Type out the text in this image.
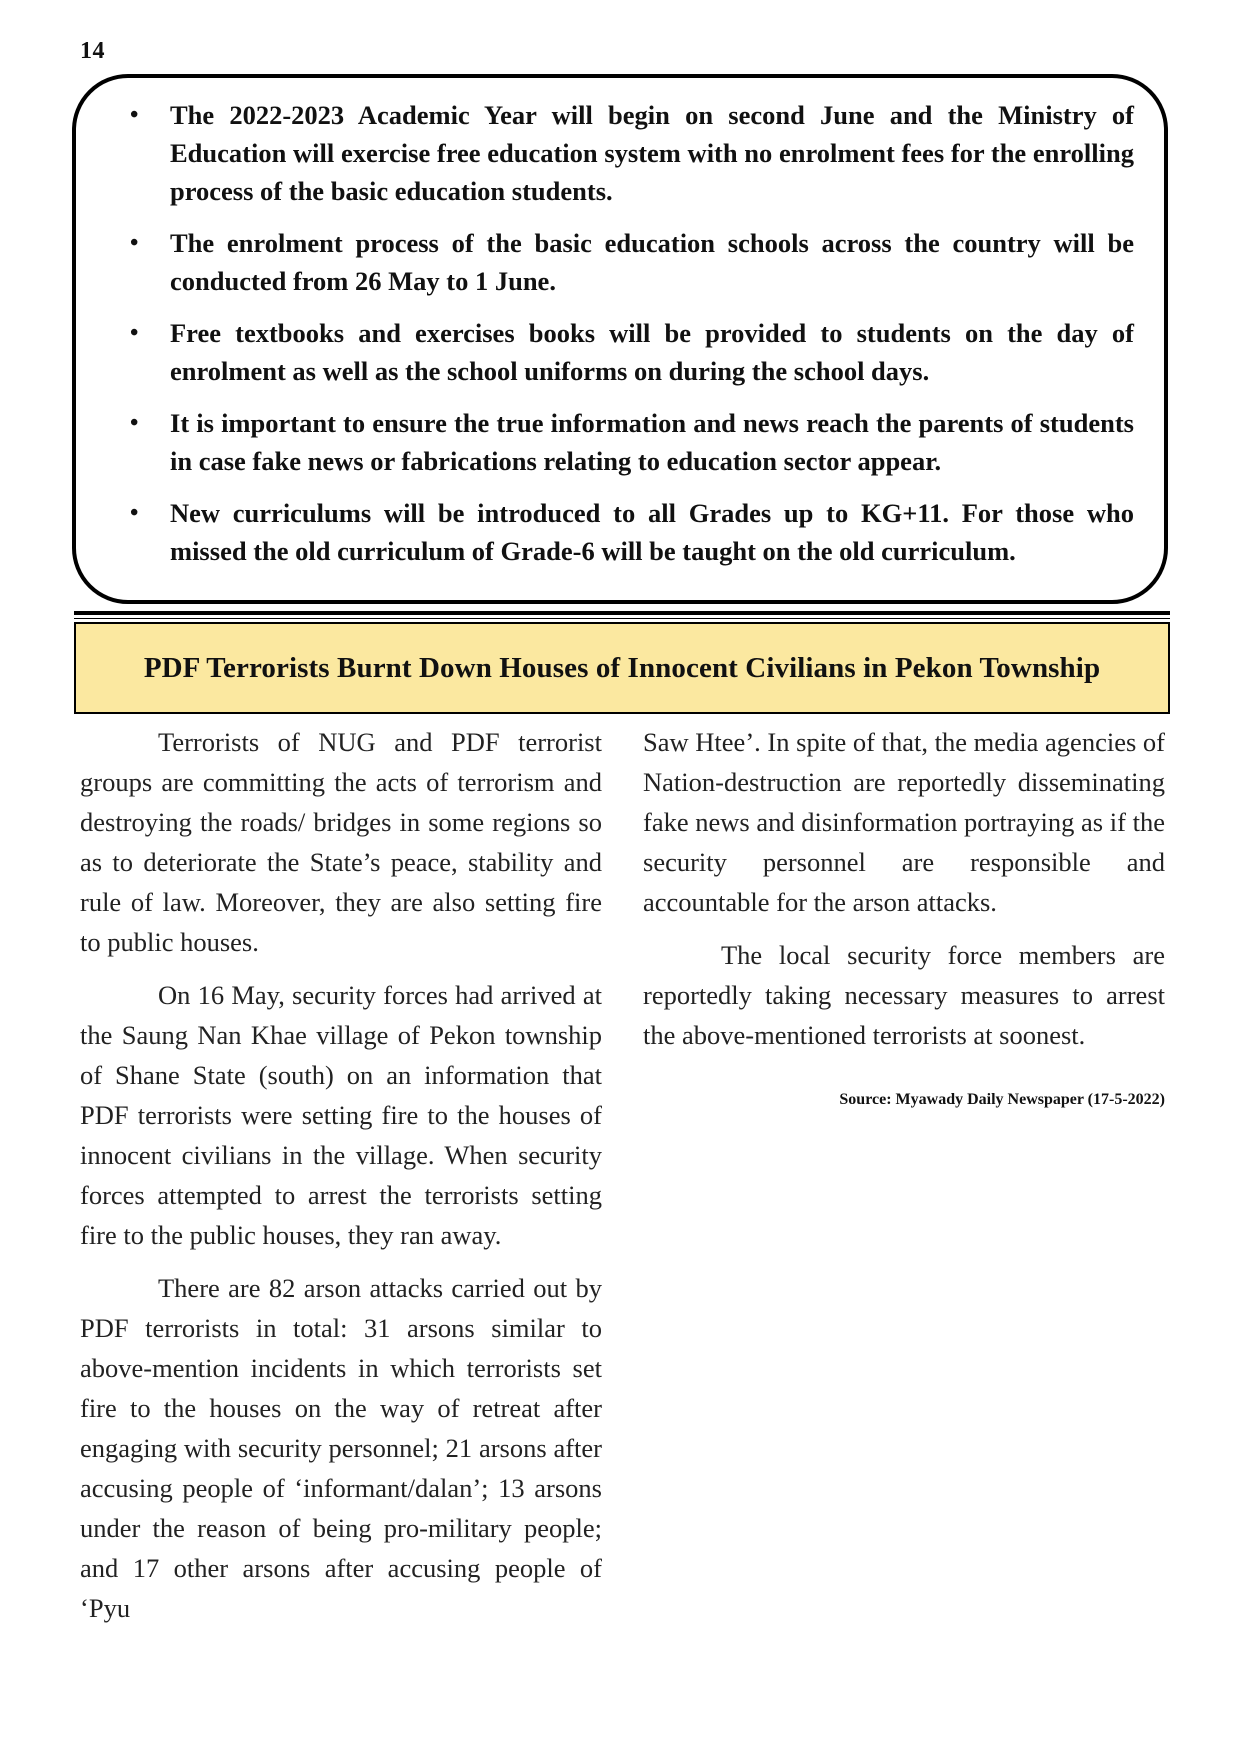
14
• The 2022-2023 Academic Year will begin on second June and the Ministry of Education will exercise free education system with no enrolment fees for the enrolling process of the basic education students.
• The enrolment process of the basic education schools across the country will be conducted from 26 May to 1 June.
• Free textbooks and exercises books will be provided to students on the day of enrolment as well as the school uniforms on during the school days.
• It is important to ensure the true information and news reach the parents of students in case fake news or fabrications relating to education sector appear.
• New curriculums will be introduced to all Grades up to KG+11. For those who missed the old curriculum of Grade-6 will be taught on the old curriculum.
PDF Terrorists Burnt Down Houses of Innocent Civilians in Pekon Township

Terrorists of NUG and PDF terrorist groups are committing the acts of terrorism and destroying the roads/ bridges in some regions so as to deteriorate the State’s peace, stability and rule of law. Moreover, they are also setting fire to public houses.

On 16 May, security forces had arrived at the Saung Nan Khae village of Pekon township of Shane State (south) on an information that PDF terrorists were setting fire to the houses of innocent civilians in the village. When security forces attempted to arrest the terrorists setting fire to the public houses, they ran away.

There are 82 arson attacks carried out by PDF terrorists in total: 31 arsons similar to above-mention incidents in which terrorists set fire to the houses on the way of retreat after engaging with security personnel; 21 arsons after accusing people of ‘informant/dalan’; 13 arsons under the reason of being pro-military people; and 17 other arsons after accusing people of ‘Pyu

Saw Htee’. In spite of that, the media agencies of Nation-destruction are reportedly disseminating fake news and disinformation portraying as if the security personnel are responsible and accountable for the arson attacks.

The local security force members are reportedly taking necessary measures to arrest the above-mentioned terrorists at soonest.

Source: Myawady Daily Newspaper (17-5-2022)
